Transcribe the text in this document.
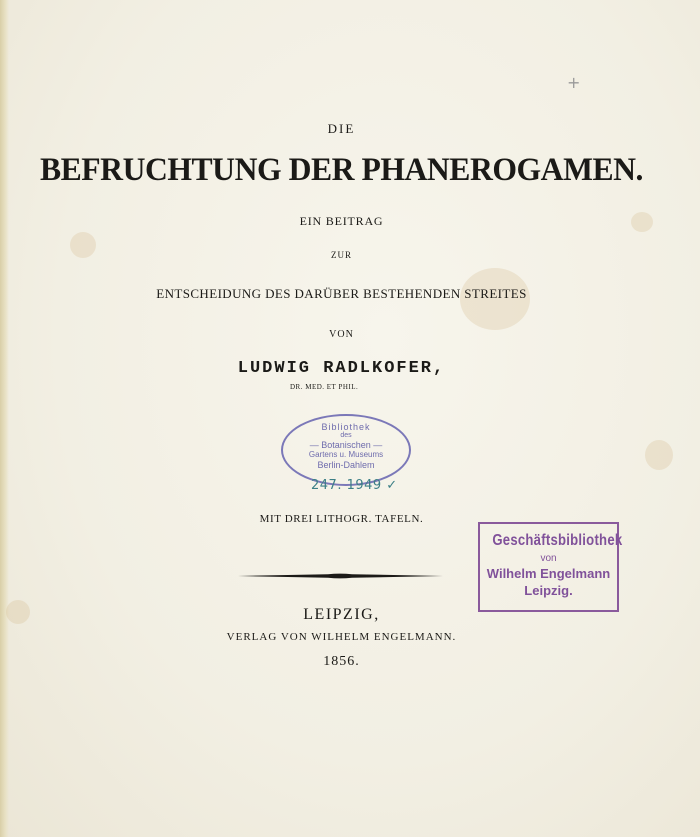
+
DIE
BEFRUCHTUNG DER PHANEROGAMEN.
EIN BEITRAG
ZUR
ENTSCHEIDUNG DES DARÜBER BESTEHENDEN STREITES
VON
LUDWIG RADLKOFER,
DR. MED. ET PHIL.
Bibliothek
des
— Botanischen —
Gartens u. Museums
Berlin-Dahlem
247. 1949 ✓
MIT DREI LITHOGR. TAFELN.
Geschäftsbibliothek
von
Wilhelm Engelmann
Leipzig.
LEIPZIG,
VERLAG VON WILHELM ENGELMANN.
1856.
